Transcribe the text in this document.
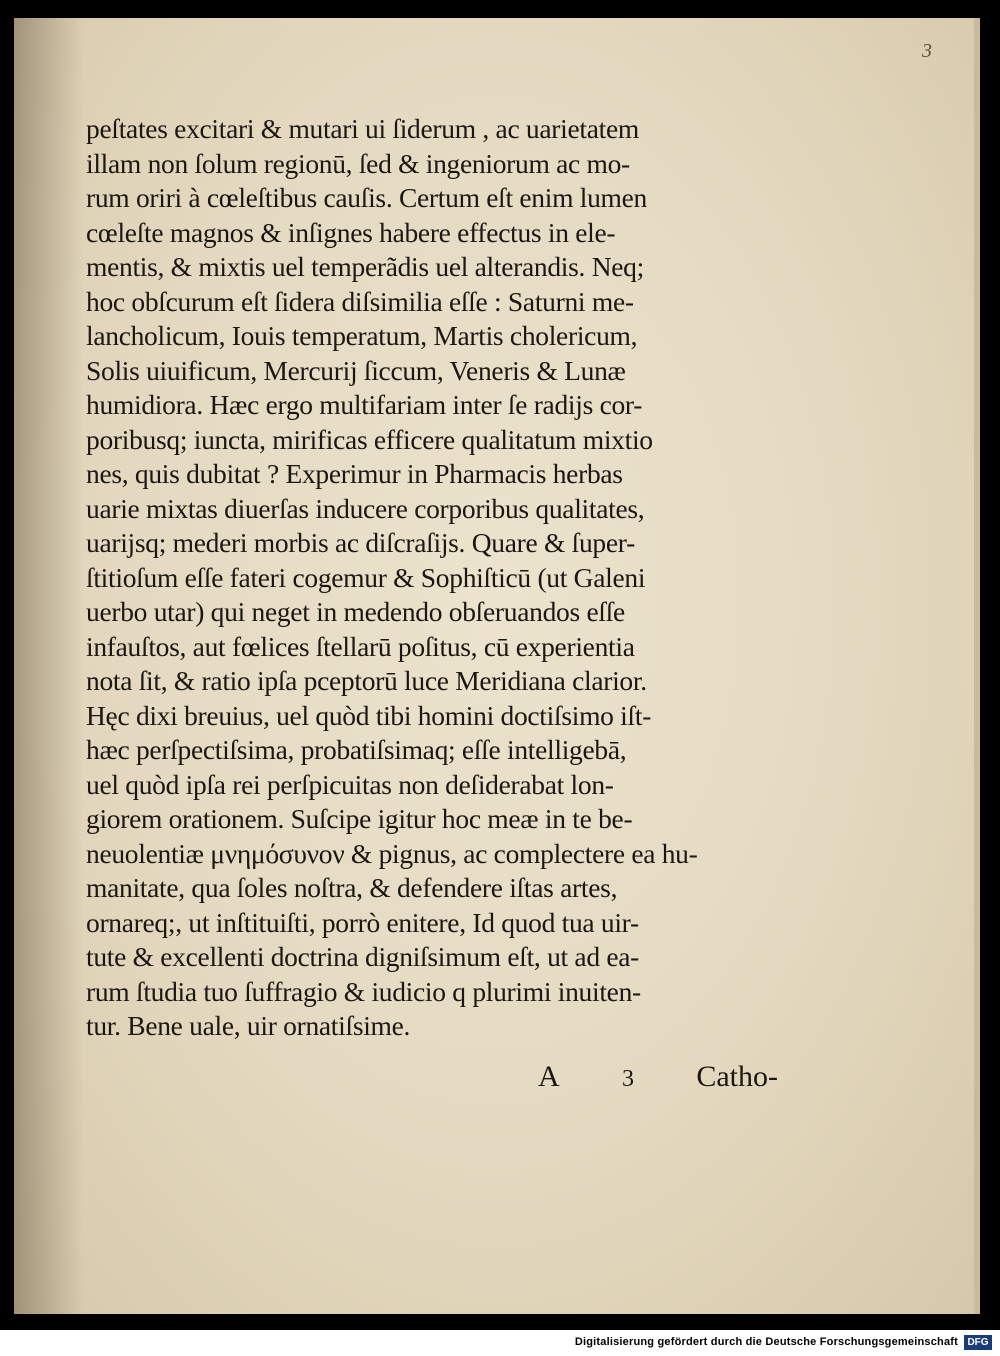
3
peſtates excitari & mutari ui ſiderum , ac uarietatem
illam non ſolum regionū, ſed & ingeniorum ac mo-
rum oriri à cœleſtibus cauſis. Certum eſt enim lumen
cœleſte magnos & inſignes habere effectus in ele-
mentis, & mixtis uel temperãdis uel alterandis. Neq;
hoc obſcurum eſt ſidera diſsimilia eſſe : Saturni me-
lancholicum, Iouis temperatum, Martis cholericum,
Solis uiuificum, Mercurij ſiccum, Veneris & Lunæ
humidiora. Hæc ergo multifariam inter ſe radijs cor-
poribusq; iuncta, mirificas efficere qualitatum mixtio
nes, quis dubitat ? Experimur in Pharmacis herbas
uarie mixtas diuerſas inducere corporibus qualitates,
uarijsq; mederi morbis ac diſcraſijs. Quare & ſuper-
ſtitioſum eſſe fateri cogemur & Sophiſticū (ut Galeni
uerbo utar) qui neget in medendo obſeruandos eſſe
infauſtos, aut fœlices ſtellarū poſitus, cū experientia
nota ſit, & ratio ipſa pceptorū luce Meridiana clarior.
Hęc dixi breuius, uel quòd tibi homini doctiſsimo iſt-
hæc perſpectiſsima, probatiſsimaq; eſſe intelligebā,
uel quòd ipſa rei perſpicuitas non deſiderabat lon-
giorem orationem. Suſcipe igitur hoc meæ in te be-
neuolentiæ μνημόσυνον & pignus, ac complectere ea hu-
manitate, qua ſoles noſtra, & defendere iſtas artes,
ornareq;, ut inſtituiſti, porrò enitere, Id quod tua uir-
tute & excellenti doctrina digniſsimum eſt, ut ad ea-
rum ſtudia tuo ſuffragio & iudicio q plurimi inuiten-
tur. Bene uale, uir ornatiſsime.
A	3 Catho-
Digitalisierung gefördert durch die Deutsche Forschungsgemeinschaft DFG
